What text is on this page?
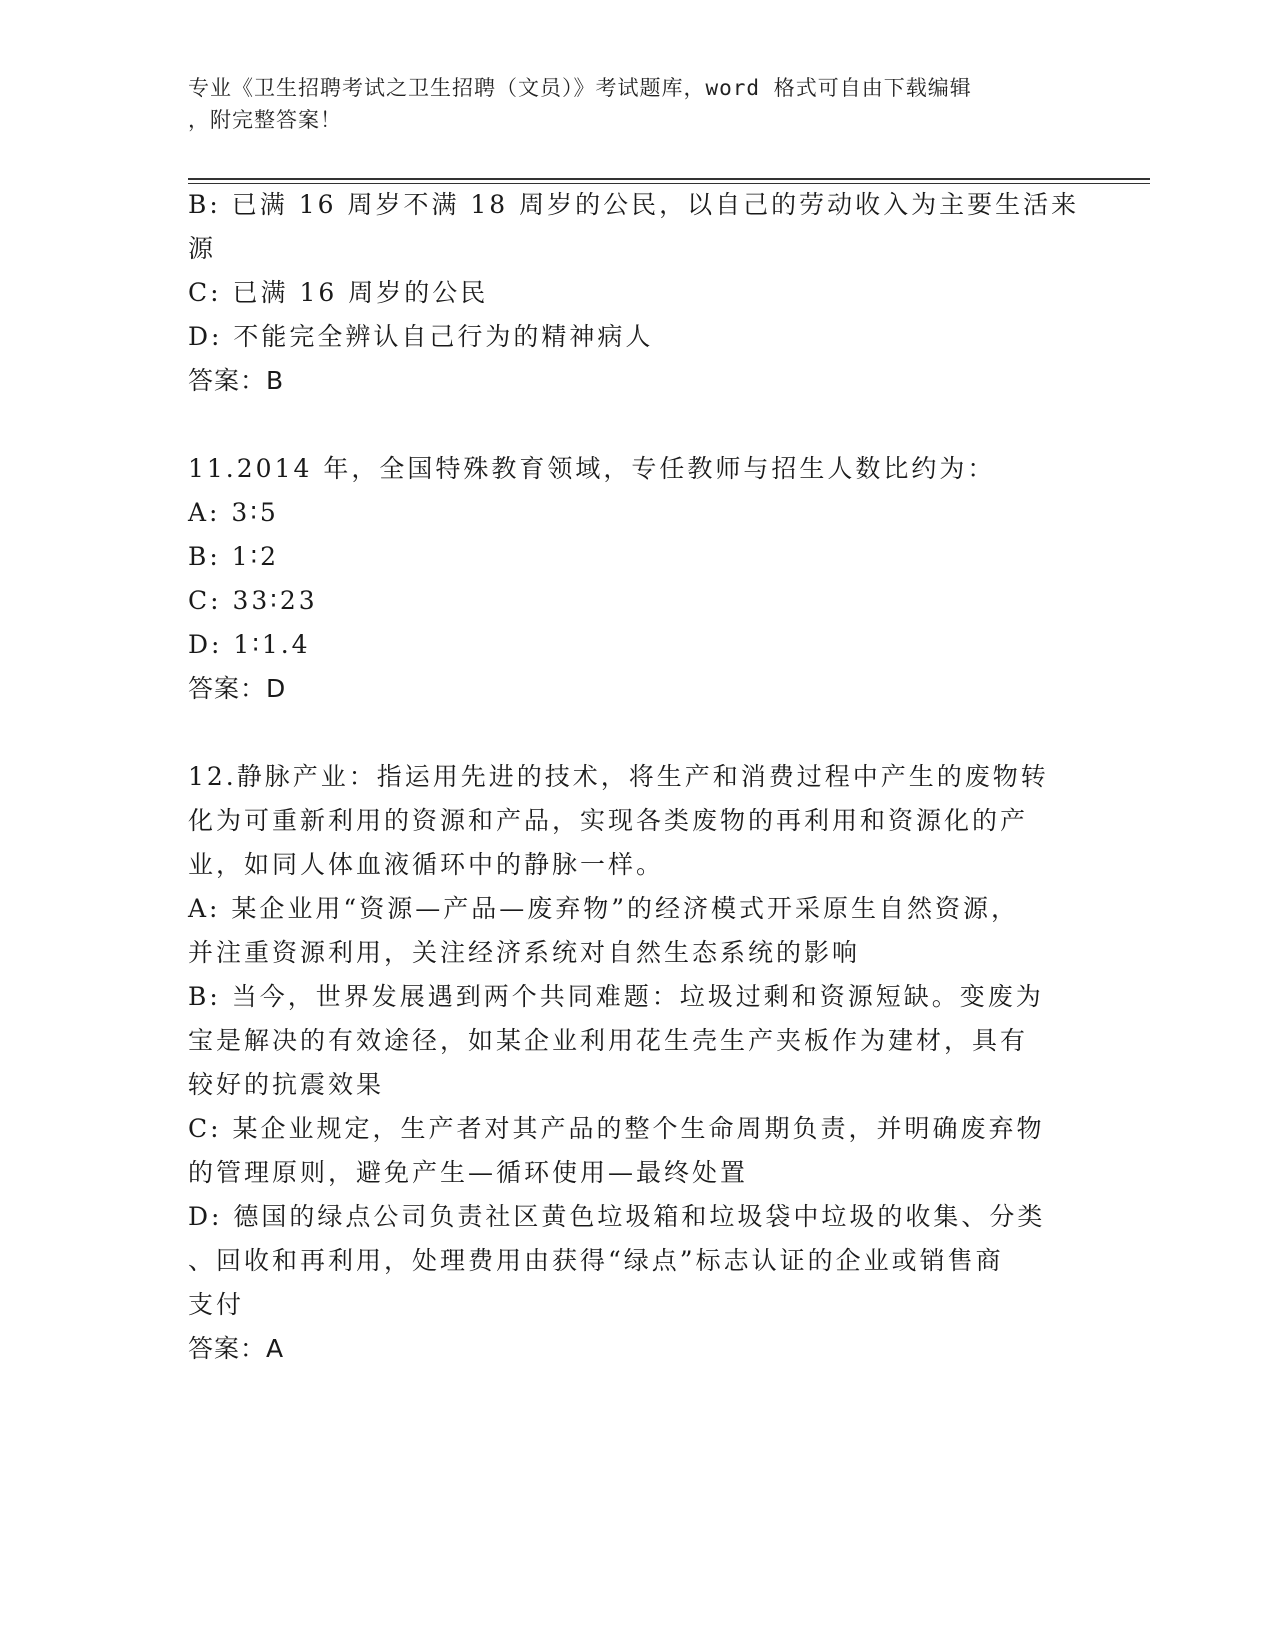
专业《卫生招聘考试之卫生招聘（文员）》考试题库，word 格式可自由下载编辑
，附完整答案！
B: 已满 16 周岁不满 18 周岁的公民，以自己的劳动收入为主要生活来
源
C: 已满 16 周岁的公民
D: 不能完全辨认自己行为的精神病人
答案：B
11.2014 年，全国特殊教育领域，专任教师与招生人数比约为：
A: 3∶5
B: 1∶2
C: 33∶23
D: 1∶1.4
答案：D
12.静脉产业：指运用先进的技术，将生产和消费过程中产生的废物转
化为可重新利用的资源和产品，实现各类废物的再利用和资源化的产
业，如同人体血液循环中的静脉一样。
A: 某企业用“资源—产品—废弃物”的经济模式开采原生自然资源，
并注重资源利用，关注经济系统对自然生态系统的影响
B: 当今，世界发展遇到两个共同难题：垃圾过剩和资源短缺。变废为
宝是解决的有效途径，如某企业利用花生壳生产夹板作为建材，具有
较好的抗震效果
C: 某企业规定，生产者对其产品的整个生命周期负责，并明确废弃物
的管理原则，避免产生—循环使用—最终处置
D: 德国的绿点公司负责社区黄色垃圾箱和垃圾袋中垃圾的收集、分类
、回收和再利用，处理费用由获得“绿点”标志认证的企业或销售商
支付
答案：A
